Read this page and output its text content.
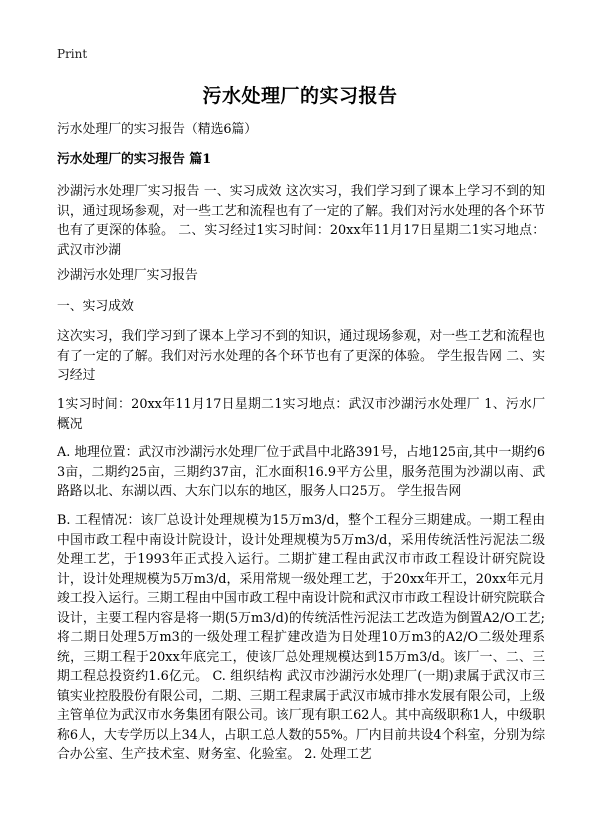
Print
污水处理厂的实习报告
污水处理厂的实习报告（精选6篇）
污水处理厂的实习报告 篇1
沙湖污水处理厂实习报告 一、实习成效 这次实习，我们学习到了课本上学习不到的知识，通过现场参观，对一些工艺和流程也有了一定的了解。我们对污水处理的各个环节也有了更深的体验。 二、实习经过1实习时间：20xx年11月17日星期二1实习地点：武汉市沙湖
沙湖污水处理厂实习报告
一、实习成效
这次实习，我们学习到了课本上学习不到的知识，通过现场参观，对一些工艺和流程也有了一定的了解。我们对污水处理的各个环节也有了更深的体验。 学生报告网 二、实习经过
1实习时间：20xx年11月17日星期二1实习地点：武汉市沙湖污水处理厂 1、污水厂概况
A. 地理位置：武汉市沙湖污水处理厂位于武昌中北路391号，占地125亩,其中一期约63亩，二期约25亩，三期约37亩，汇水面积16.9平方公里，服务范围为沙湖以南、武路路以北、东湖以西、大东门以东的地区，服务人口25万。 学生报告网
B. 工程情况：该厂总设计处理规模为15万m3/d，整个工程分三期建成。一期工程由中国市政工程中南设计院设计，设计处理规模为5万m3/d，采用传统活性污泥法二级处理工艺，于1993年正式投入运行。二期扩建工程由武汉市市政工程设计研究院设计，设计处理规模为5万m3/d，采用常规一级处理工艺，于20xx年开工，20xx年元月竣工投入运行。三期工程由中国市政工程中南设计院和武汉市市政工程设计研究院联合设计，主要工程内容是将一期(5万m3/d)的传统活性污泥法工艺改造为倒置A2/O工艺;将二期日处理5万m3的一级处理工程扩建改造为日处理10万m3的A2/O二级处理系统，三期工程于20xx年底完工，使该厂总处理规模达到15万m3/d。该厂一、二、三期工程总投资约1.6亿元。 C. 组织结构 武汉市沙湖污水处理厂(一期)隶属于武汉市三镇实业控股股份有限公司，二期、三期工程隶属于武汉市城市排水发展有限公司，上级主管单位为武汉市水务集团有限公司。该厂现有职工62人。其中高级职称1人，中级职称6人，大专学历以上34人，占职工总人数的55%。厂内目前共设4个科室，分别为综合办公室、生产技术室、财务室、化验室。 2. 处理工艺
